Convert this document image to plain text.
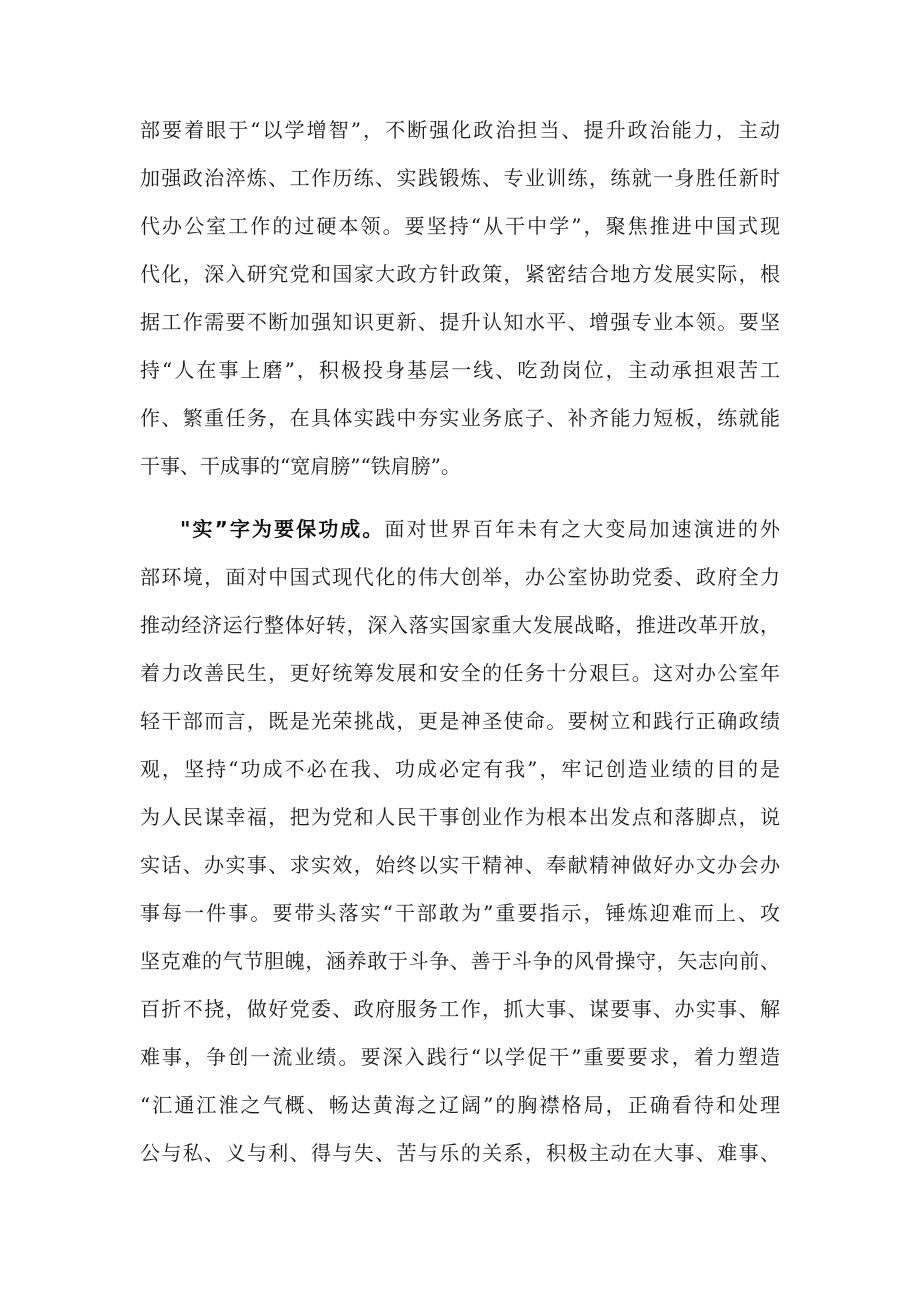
部要着眼于“以学增智”，不断强化政治担当、提升政治能力，主动
加强政治淬炼、工作历练、实践锻炼、专业训练，练就一身胜任新时
代办公室工作的过硬本领。要坚持“从干中学”，聚焦推进中国式现
代化，深入研究党和国家大政方针政策，紧密结合地方发展实际，根
据工作需要不断加强知识更新、提升认知水平、增强专业本领。要坚
持“人在事上磨”，积极投身基层一线、吃劲岗位，主动承担艰苦工
作、繁重任务，在具体实践中夯实业务底子、补齐能力短板，练就能
干事、干成事的“宽肩膀”“铁肩膀”。
"实”字为要保功成。面对世界百年未有之大变局加速演进的外
部环境，面对中国式现代化的伟大创举，办公室协助党委、政府全力
推动经济运行整体好转，深入落实国家重大发展战略，推进改革开放，
着力改善民生，更好统筹发展和安全的任务十分艰巨。这对办公室年
轻干部而言，既是光荣挑战，更是神圣使命。要树立和践行正确政绩
观，坚持“功成不必在我、功成必定有我”，牢记创造业绩的目的是
为人民谋幸福，把为党和人民干事创业作为根本出发点和落脚点，说
实话、办实事、求实效，始终以实干精神、奉献精神做好办文办会办
事每一件事。要带头落实“干部敢为”重要指示，锤炼迎难而上、攻
坚克难的气节胆魄，涵养敢于斗争、善于斗争的风骨操守，矢志向前、
百折不挠，做好党委、政府服务工作，抓大事、谋要事、办实事、解
难事，争创一流业绩。要深入践行“以学促干”重要要求，着力塑造
“汇通江淮之气概、畅达黄海之辽阔”的胸襟格局，正确看待和处理
公与私、义与利、得与失、苦与乐的关系，积极主动在大事、难事、
